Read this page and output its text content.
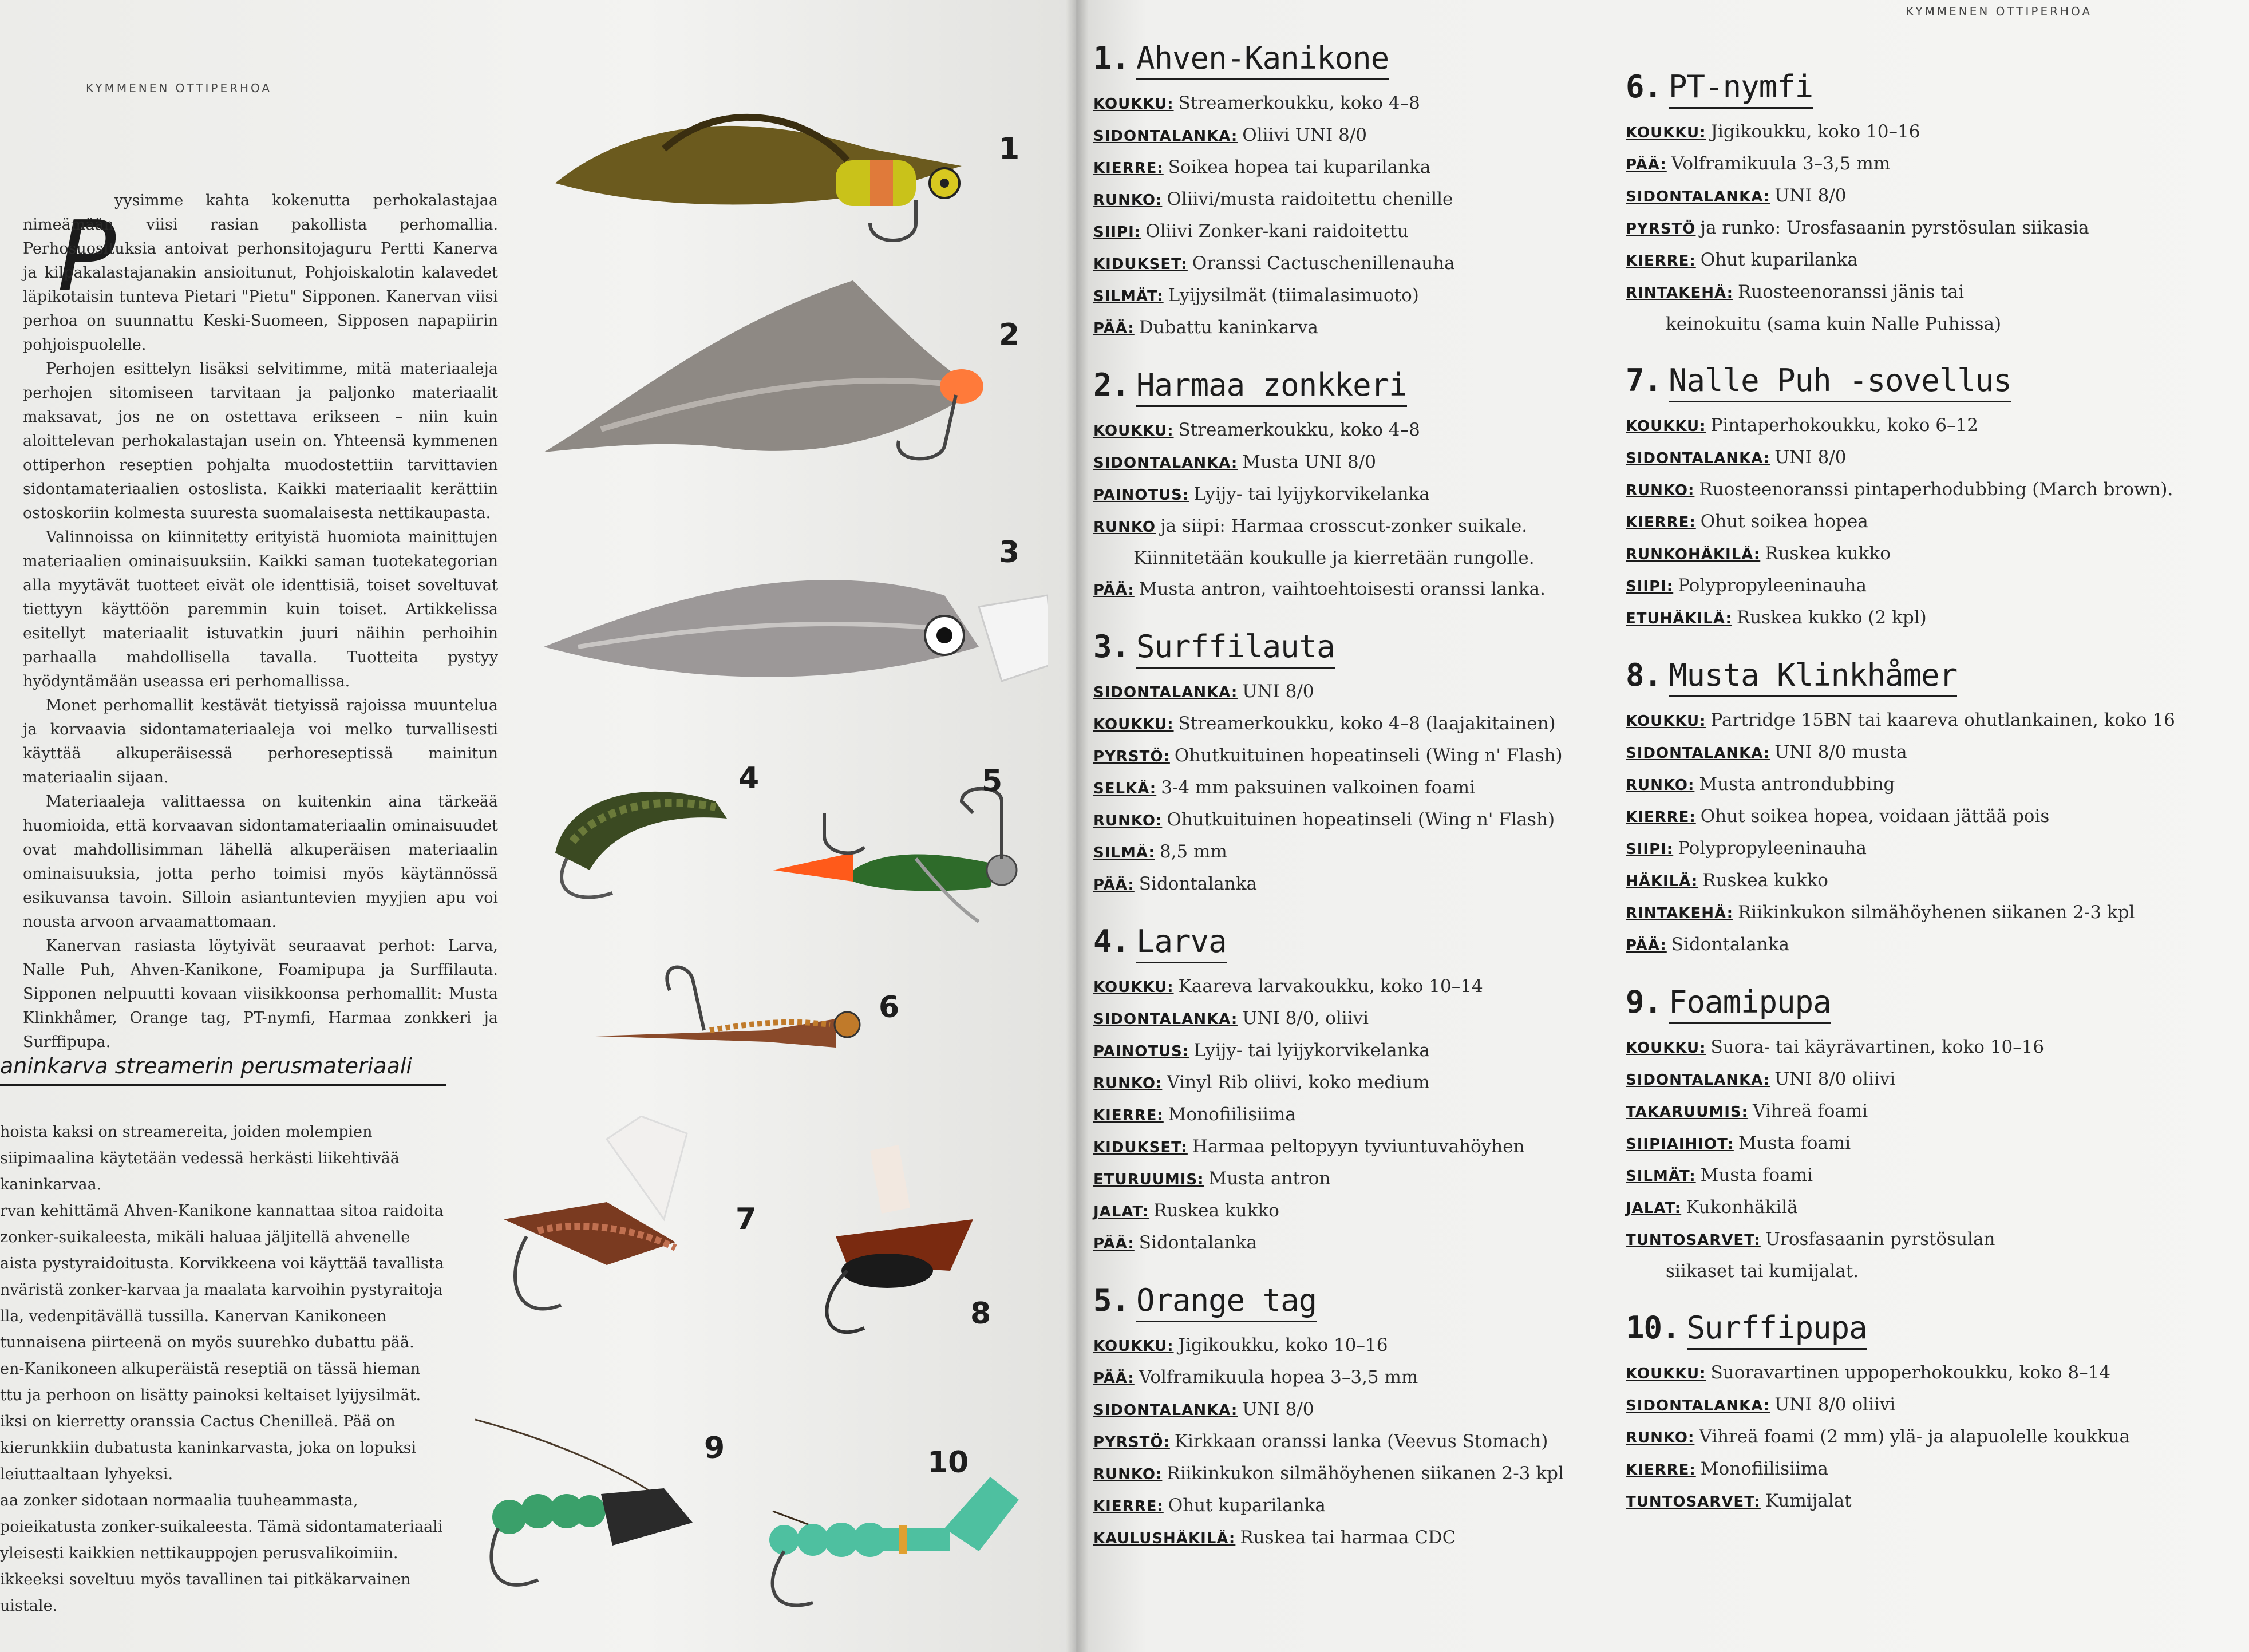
KYMMENEN OTTIPERHOA
P

yysimme kahta kokenutta perhokalastajaa nimeämään viisi rasian pakollista perhomallia. Perhosuosituksia antoivat perhonsitojaguru Pertti Kanerva ja kilpakalastajanakin ansioitunut, Pohjoiskalotin kalavedet läpikotaisin tunteva Pietari "Pietu" Sipponen. Kanervan viisi perhoa on suunnattu Keski-Suomeen, Sipposen napapiirin pohjoispuolelle.

Perhojen esittelyn lisäksi selvitimme, mitä materiaaleja perhojen sitomiseen tarvitaan ja paljonko materiaalit maksavat, jos ne on ostettava erikseen – niin kuin aloittelevan perhokalastajan usein on. Yhteensä kymmenen ottiperhon reseptien pohjalta muodostettiin tarvittavien sidontamateriaalien ostoslista. Kaikki materiaalit kerättiin ostoskoriin kolmesta suuresta suomalaisesta nettikaupasta.

Valinnoissa on kiinnitetty erityistä huomiota mainittujen materiaalien ominaisuuksiin. Kaikki saman tuotekategorian alla myytävät tuotteet eivät ole identtisiä, toiset soveltuvat tiettyyn käyttöön paremmin kuin toiset. Artikkelissa esitellyt materiaalit istuvatkin juuri näihin perhoihin parhaalla mahdollisella tavalla. Tuotteita pystyy hyödyntämään useassa eri perhomallissa.

Monet perhomallit kestävät tietyissä rajoissa muuntelua ja korvaavia sidontamateriaaleja voi melko turvallisesti käyttää alkuperäisessä perhoreseptissä mainitun materiaalin sijaan.

Materiaaleja valittaessa on kuitenkin aina tärkeää huomioida, että korvaavan sidontamateriaalin ominaisuudet ovat mahdollisimman lähellä alkuperäisen materiaalin ominaisuuksia, jotta perho toimisi myös käytännössä esikuvansa tavoin. Silloin asiantuntevien myyjien apu voi nousta arvoon arvaamattomaan.

Kanervan rasiasta löytyivät seuraavat perhot: Larva, Nalle Puh, Ahven-Kanikone, Foamipupa ja Surffilauta. Sipponen nelpuutti kovaan viisikkoonsa perhomallit: Musta Klinkhåmer, Orange tag, PT-nymfi, Harmaa zonkkeri ja Surffipupa.

aninkarva streamerin perusmateriaali

hoista kaksi on streamereita, joiden molempien siipimaalina käytetään vedessä herkästi liikehtivää kaninkarvaa.

rvan kehittämä Ahven-Kanikone kannattaa sitoa raidoita zonker-suikaleesta, mikäli haluaa jäljitellä ahvenelle aista pystyraidoitusta. Korvikkeena voi käyttää tavallista nväristä zonker-karvaa ja maalata karvoihin pystyraitoja lla, vedenpitävällä tussilla. Kanervan Kanikoneen tunnaisena piirteenä on myös suurehko dubattu pää.

en-Kanikoneen alkuperäistä reseptiä on tässä hieman ttu ja perhoon on lisätty painoksi keltaiset lyijysilmät. iksi on kierretty oranssia Cactus Chenilleä. Pää on kierunkkiin dubatusta kaninkarvasta, joka on lopuksi leiuttaaltaan lyhyeksi.

aa zonker sidotaan normaalia tuuheammasta, poieikatusta zonker-suikaleesta. Tämä sidontamateriaali yleisesti kaikkien nettikauppojen perusvalikoimiin. ikkeeksi soveltuu myös tavallinen tai pitkäkarvainen uistale.

1
2
3
4	5
6
7
8
9	10
KYMMENEN OTTIPERHOA
1. Ahven-Kanikone
KOUKKU: Streamerkoukku, koko 4–8
SIDONTALANKA: Oliivi UNI 8/0
KIERRE: Soikea hopea tai kuparilanka
RUNKO: Oliivi/musta raidoitettu chenille
SIIPI: Oliivi Zonker-kani raidoitettu
KIDUKSET: Oranssi Cactuschenillenauha
SILMÄT: Lyijysilmät (tiimalasimuoto)
PÄÄ: Dubattu kaninkarva
2. Harmaa zonkkeri
KOUKKU: Streamerkoukku, koko 4–8
SIDONTALANKA: Musta UNI 8/0
PAINOTUS: Lyijy- tai lyijykorvikelanka
RUNKO ja siipi: Harmaa crosscut-zonker suikale.
Kiinnitetään koukulle ja kierretään rungolle.
PÄÄ: Musta antron, vaihtoehtoisesti oranssi lanka.
3. Surffilauta
SIDONTALANKA: UNI 8/0
KOUKKU: Streamerkoukku, koko 4–8 (laajakitainen)
PYRSTÖ: Ohutkuituinen hopeatinseli (Wing n' Flash)
SELKÄ: 3-4 mm paksuinen valkoinen foami
RUNKO: Ohutkuituinen hopeatinseli (Wing n' Flash)
SILMÄ: 8,5 mm
PÄÄ: Sidontalanka
4. Larva
KOUKKU: Kaareva larvakoukku, koko 10–14
SIDONTALANKA: UNI 8/0, oliivi
PAINOTUS: Lyijy- tai lyijykorvikelanka
RUNKO: Vinyl Rib oliivi, koko medium
KIERRE: Monofiilisiima
KIDUKSET: Harmaa peltopyyn tyviuntuvahöyhen
ETURUUMIS: Musta antron
JALAT: Ruskea kukko
PÄÄ: Sidontalanka
5. Orange tag
KOUKKU: Jigikoukku, koko 10–16
PÄÄ: Volframikuula hopea 3–3,5 mm
SIDONTALANKA: UNI 8/0
PYRSTÖ: Kirkkaan oranssi lanka (Veevus Stomach)
RUNKO: Riikinkukon silmähöyhenen siikanen 2-3 kpl
KIERRE: Ohut kuparilanka
KAULUSHÄKILÄ: Ruskea tai harmaa CDC
6. PT-nymfi
KOUKKU: Jigikoukku, koko 10–16
PÄÄ: Volframikuula 3–3,5 mm
SIDONTALANKA: UNI 8/0
PYRSTÖ ja runko: Urosfasaanin pyrstösulan siikasia
KIERRE: Ohut kuparilanka
RINTAKEHÄ: Ruosteenoranssi jänis tai
keinokuitu (sama kuin Nalle Puhissa)
7. Nalle Puh -sovellus
KOUKKU: Pintaperhokoukku, koko 6–12
SIDONTALANKA: UNI 8/0
RUNKO: Ruosteenoranssi pintaperhodubbing (March brown).
KIERRE: Ohut soikea hopea
RUNKOHÄKILÄ: Ruskea kukko
SIIPI: Polypropyleeninauha
ETUHÄKILÄ: Ruskea kukko (2 kpl)
8. Musta Klinkhåmer
KOUKKU: Partridge 15BN tai kaareva ohutlankainen, koko 16
SIDONTALANKA: UNI 8/0 musta
RUNKO: Musta antrondubbing
KIERRE: Ohut soikea hopea, voidaan jättää pois
SIIPI: Polypropyleeninauha
HÄKILÄ: Ruskea kukko
RINTAKEHÄ: Riikinkukon silmähöyhenen siikanen 2-3 kpl
PÄÄ: Sidontalanka
9. Foamipupa
KOUKKU: Suora- tai käyrävartinen, koko 10–16
SIDONTALANKA: UNI 8/0 oliivi
TAKARUUMIS: Vihreä foami
SIIPIAIHIOT: Musta foami
SILMÄT: Musta foami
JALAT: Kukonhäkilä
TUNTOSARVET: Urosfasaanin pyrstösulan
siikaset tai kumijalat.
10. Surffipupa
KOUKKU: Suoravartinen uppoperhokoukku, koko 8–14
SIDONTALANKA: UNI 8/0 oliivi
RUNKO: Vihreä foami (2 mm) ylä- ja alapuolelle koukkua
KIERRE: Monofiilisiima
TUNTOSARVET: Kumijalat
